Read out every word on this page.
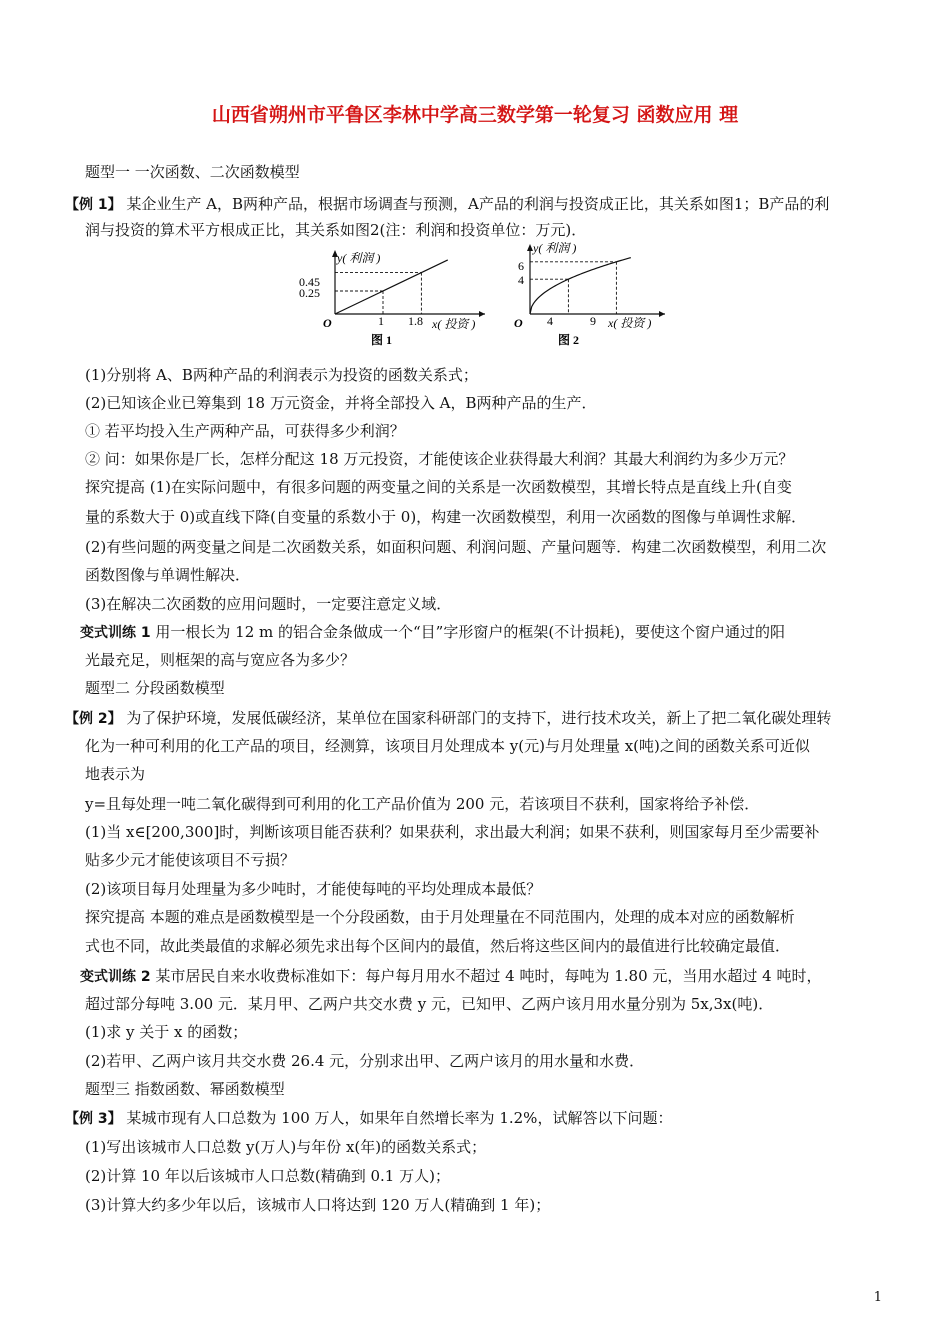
山西省朔州市平鲁区李林中学高三数学第一轮复习 函数应用 理
题型一 一次函数、二次函数模型
【例 1】 某企业生产 A，B两种产品，根据市场调查与预测，A产品的利润与投资成正比，其关系如图1；B产品的利
润与投资的算术平方根成正比，其关系如图2(注：利润和投资单位：万元)．
y( 利润 )
x( 投资 )
O
0.45
0.25
1 1.8
图 1
y( 利润 )
x( 投资 )
O
6
4
4	9
图 2
(1)分别将 A、B两种产品的利润表示为投资的函数关系式；
(2)已知该企业已筹集到 18 万元资金，并将全部投入 A，B两种产品的生产．
① 若平均投入生产两种产品，可获得多少利润？
② 问：如果你是厂长，怎样分配这 18 万元投资，才能使该企业获得最大利润？其最大利润约为多少万元？
探究提高 (1)在实际问题中，有很多问题的两变量之间的关系是一次函数模型，其增长特点是直线上升(自变
量的系数大于 0)或直线下降(自变量的系数小于 0)，构建一次函数模型，利用一次函数的图像与单调性求解．
(2)有些问题的两变量之间是二次函数关系，如面积问题、利润问题、产量问题等．构建二次函数模型，利用二次
函数图像与单调性解决．
(3)在解决二次函数的应用问题时，一定要注意定义域．
变式训练 1 用一根长为 12 m 的铝合金条做成一个“目”字形窗户的框架(不计损耗)，要使这个窗户通过的阳
光最充足，则框架的高与宽应各为多少？
题型二 分段函数模型
【例 2】 为了保护环境，发展低碳经济，某单位在国家科研部门的支持下，进行技术攻关，新上了把二氧化碳处理转
化为一种可利用的化工产品的项目，经测算，该项目月处理成本 y(元)与月处理量 x(吨)之间的函数关系可近似
地表示为
y=且每处理一吨二氧化碳得到可利用的化工产品价值为 200 元，若该项目不获利，国家将给予补偿．
(1)当 x∈[200,300]时，判断该项目能否获利？如果获利，求出最大利润；如果不获利，则国家每月至少需要补
贴多少元才能使该项目不亏损？
(2)该项目每月处理量为多少吨时，才能使每吨的平均处理成本最低？
探究提高 本题的难点是函数模型是一个分段函数，由于月处理量在不同范围内，处理的成本对应的函数解析
式也不同，故此类最值的求解必须先求出每个区间内的最值，然后将这些区间内的最值进行比较确定最值．
变式训练 2 某市居民自来水收费标准如下：每户每月用水不超过 4 吨时，每吨为 1.80 元，当用水超过 4 吨时，
超过部分每吨 3.00 元．某月甲、乙两户共交水费 y 元，已知甲、乙两户该月用水量分别为 5x,3x(吨)．
(1)求 y 关于 x 的函数；
(2)若甲、乙两户该月共交水费 26.4 元，分别求出甲、乙两户该月的用水量和水费．
题型三 指数函数、幂函数模型
【例 3】 某城市现有人口总数为 100 万人，如果年自然增长率为 1.2%，试解答以下问题：
(1)写出该城市人口总数 y(万人)与年份 x(年)的函数关系式；
(2)计算 10 年以后该城市人口总数(精确到 0.1 万人)；
(3)计算大约多少年以后，该城市人口将达到 120 万人(精确到 1 年)；
1
